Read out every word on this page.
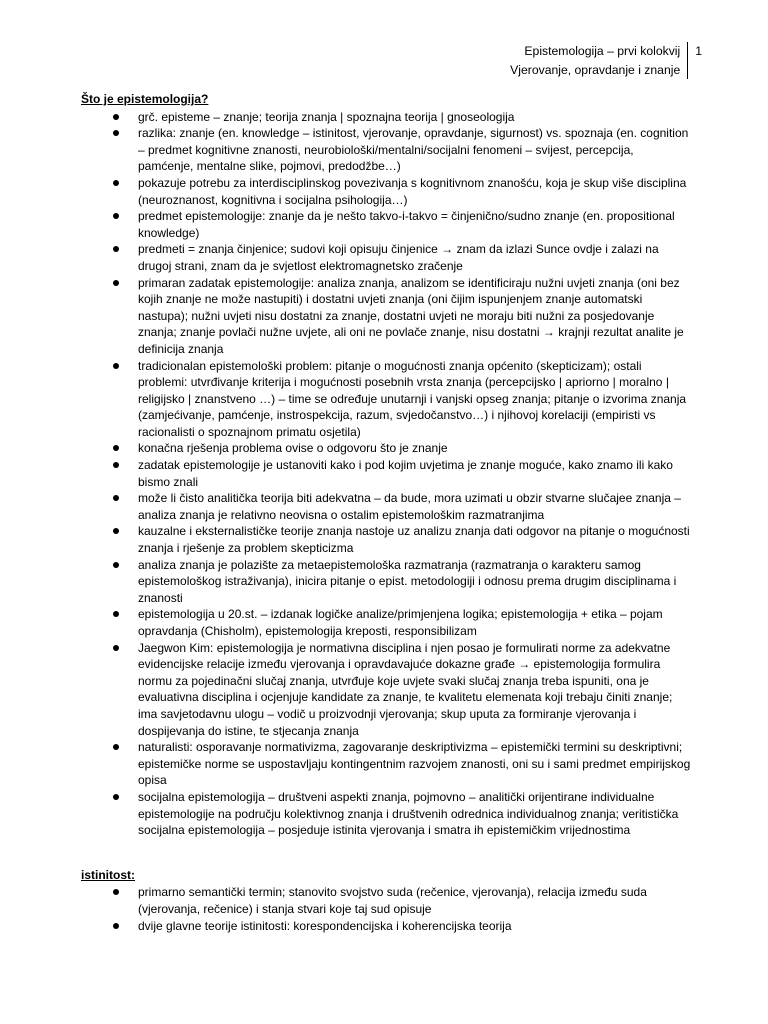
Epistemologija – prvi kolokvij
Vjerovanje, opravdanje i znanje
1
Što je epistemologija?
grč. episteme – znanje; teorija znanja | spoznajna teorija | gnoseologija
razlika: znanje (en. knowledge – istinitost, vjerovanje, opravdanje, sigurnost) vs. spoznaja (en. cognition – predmet kognitivne znanosti, neurobiološki/mentalni/socijalni fenomeni – svijest, percepcija, pamćenje, mentalne slike, pojmovi, predodžbe…)
pokazuje potrebu za interdisciplinskog povezivanja s kognitivnom znanošću, koja je skup više disciplina (neuroznanost, kognitivna i socijalna psihologija…)
predmet epistemologije: znanje da je nešto takvo-i-takvo = činjenično/sudno znanje (en. propositional knowledge)
predmeti = znanja činjenice; sudovi koji opisuju činjenice → znam da izlazi Sunce ovdje i zalazi na drugoj strani, znam da je svjetlost elektromagnetsko zračenje
primaran zadatak epistemologije: analiza znanja, analizom se identificiraju nužni uvjeti znanja (oni bez kojih znanje ne može nastupiti) i dostatni uvjeti znanja (oni čijim ispunjenjem znanje automatski nastupa); nužni uvjeti nisu dostatni za znanje, dostatni uvjeti ne moraju biti nužni za posjedovanje znanja; znanje povlači nužne uvjete, ali oni ne povlače znanje, nisu dostatni → krajnji rezultat analite je definicija znanja
tradicionalan epistemološki problem: pitanje o mogućnosti znanja općenito (skepticizam); ostali problemi: utvrđivanje kriterija i mogućnosti posebnih vrsta znanja (percepcijsko | apriorno | moralno | religijsko | znanstveno …) – time se određuje unutarnji i vanjski opseg znanja; pitanje o izvorima znanja (zamjećivanje, pamćenje, instrospekcija, razum, svjedočanstvo…) i njihovoj korelaciji (empiristi vs racionalisti o spoznajnom primatu osjetila)
konačna rješenja problema ovise o odgovoru što je znanje
zadatak epistemologije je ustanoviti kako i pod kojim uvjetima je znanje moguće, kako znamo ili kako bismo znali
može li čisto analitička teorija biti adekvatna – da bude, mora uzimati u obzir stvarne slučajee znanja – analiza znanja je relativno neovisna o ostalim epistemološkim razmatranjima
kauzalne i eksternalističke teorije znanja nastoje uz analizu znanja dati odgovor na pitanje o mogućnosti znanja i rješenje za problem skepticizma
analiza znanja je polazište za metaepistemološka razmatranja (razmatranja o karakteru samog epistemološkog istraživanja), inicira pitanje o epist. metodologiji i odnosu prema drugim disciplinama i znanosti
epistemologija u 20.st. – izdanak logičke analize/primjenjena logika; epistemologija + etika – pojam opravdanja (Chisholm), epistemologija kreposti, responsibilizam
Jaegwon Kim: epistemologija je normativna disciplina i njen posao je formulirati norme za adekvatne evidencijske relacije između vjerovanja i opravdavajuće dokazne građe → epistemologija formulira normu za pojedinačni slučaj znanja, utvrđuje koje uvjete svaki slučaj znanja treba ispuniti, ona je evaluativna disciplina i ocjenjuje kandidate za znanje, te kvalitetu elemenata koji trebaju činiti znanje; ima savjetodavnu ulogu – vodič u proizvodnji vjerovanja; skup uputa za formiranje vjerovanja i dospijevanja do istine, te stjecanja znanja
naturalisti: osporavanje normativizma, zagovaranje deskriptivizma – epistemički termini su deskriptivni; epistemičke norme se uspostavljaju kontingentnim razvojem znanosti, oni su i sami predmet empirijskog opisa
socijalna epistemologija – društveni aspekti znanja, pojmovno – analitički orijentirane individualne epistemologije na području kolektivnog znanja i društvenih odrednica individualnog znanja; veritistička socijalna epistemologija – posjeduje istinita vjerovanja i smatra ih epistemičkim vrijednostima
istinitost:
primarno semantički termin; stanovito svojstvo suda (rečenice, vjerovanja), relacija između suda (vjerovanja, rečenice) i stanja stvari koje taj sud opisuje
dvije glavne teorije istinitosti: korespondencijska i koherencijska teorija
